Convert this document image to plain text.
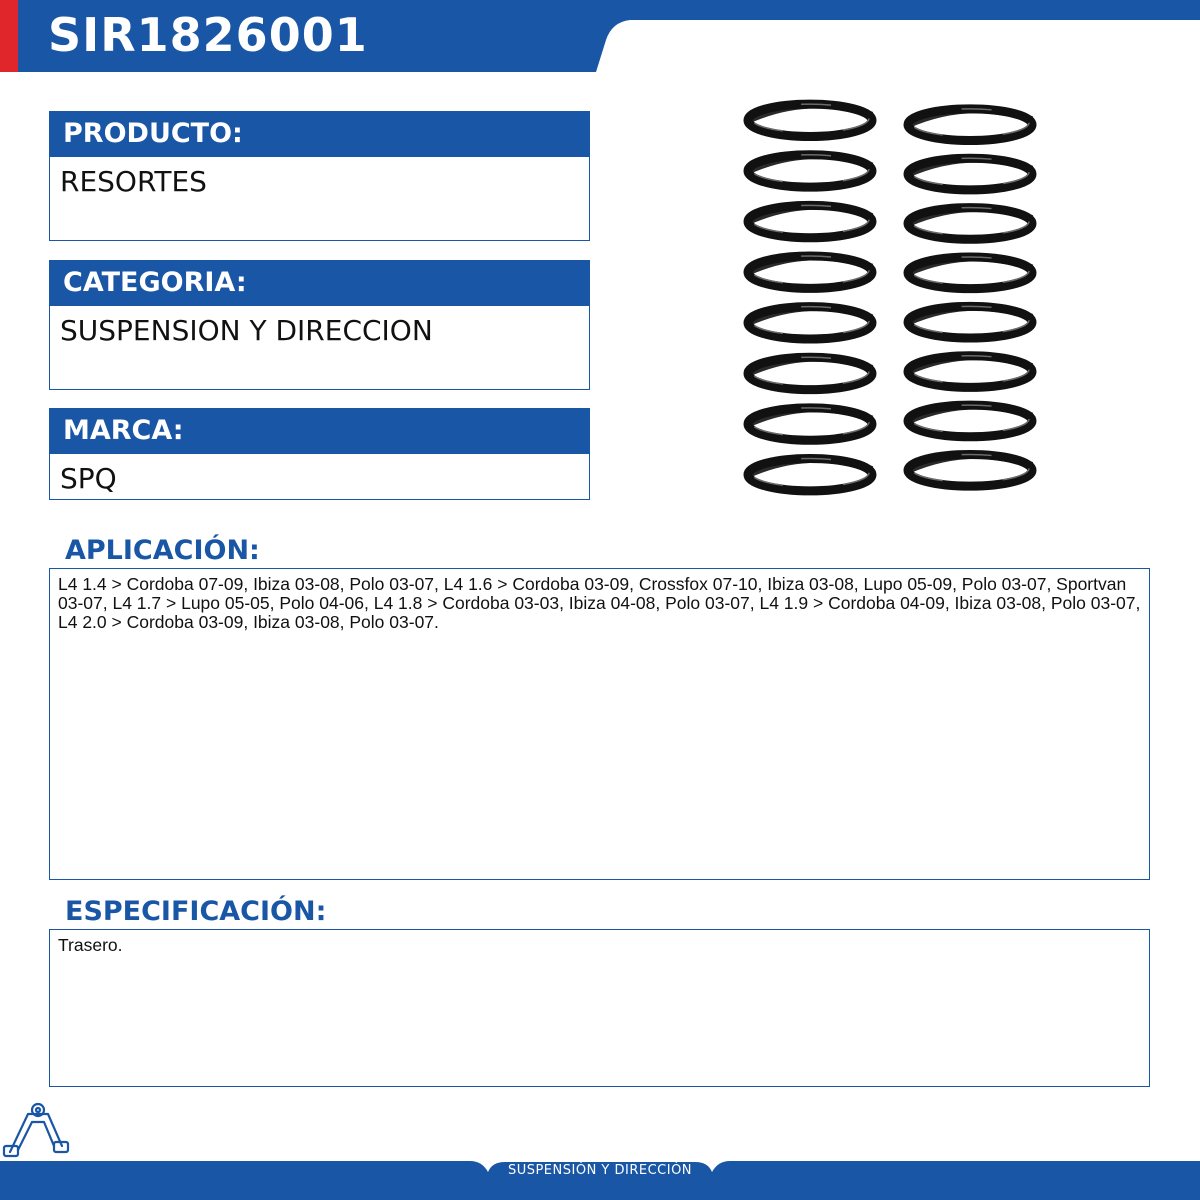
SIR1826001
PRODUCTO:
RESORTES
CATEGORIA:
SUSPENSION Y DIRECCION
MARCA:
SPQ
APLICACIÓN:
L4 1.4 > Cordoba 07-09, Ibiza 03-08, Polo 03-07, L4 1.6 > Cordoba 03-09, Crossfox 07-10, Ibiza 03-08, Lupo 05-09, Polo 03-07, Sportvan 03-07, L4 1.7 > Lupo 05-05, Polo 04-06, L4 1.8 > Cordoba 03-03, Ibiza 04-08, Polo 03-07, L4 1.9 > Cordoba 04-09, Ibiza 03-08, Polo 03-07, L4 2.0 > Cordoba 03-09, Ibiza 03-08, Polo 03-07.
ESPECIFICACIÓN:
Trasero.
SUSPENSIÓN Y DIRECCIÓN
